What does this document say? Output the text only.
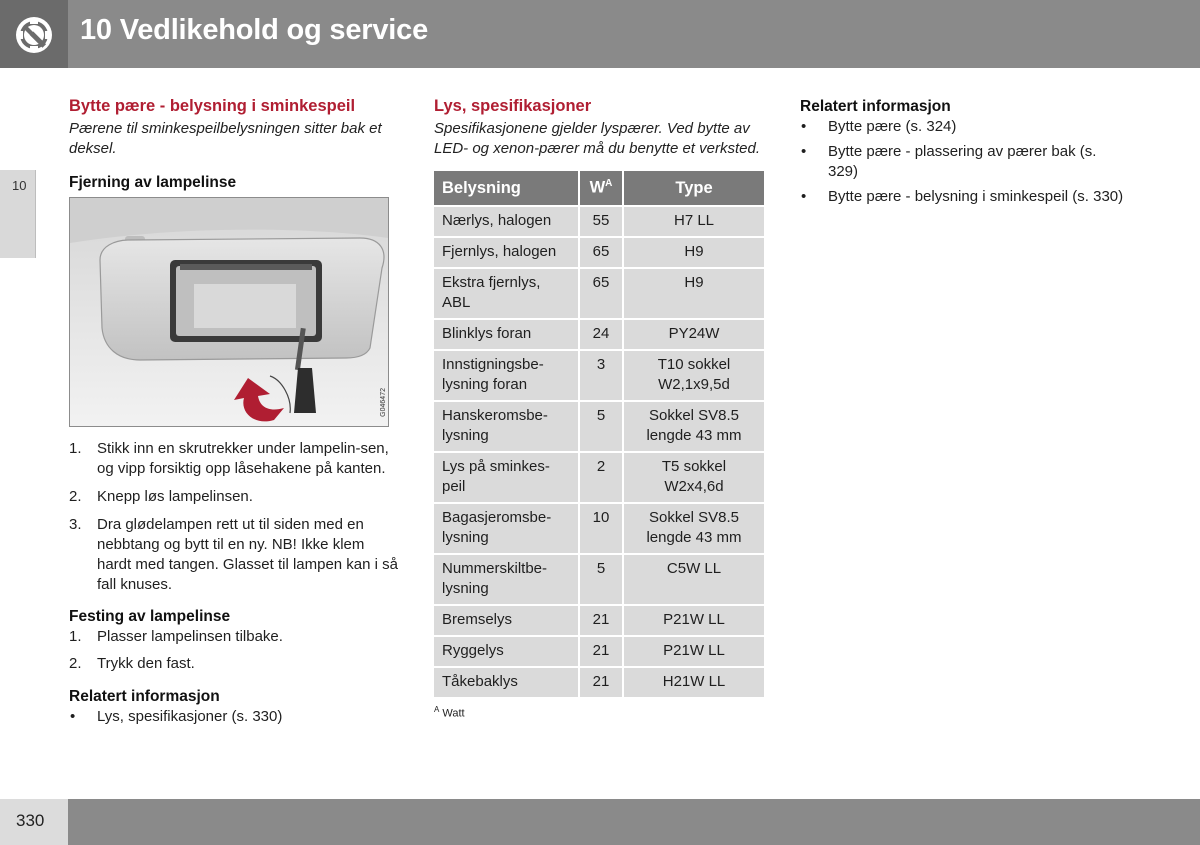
10 Vedlikehold og service
10
Bytte pære - belysning i sminkespeil

Pærene til sminkespeilbelysningen sitter bak et deksel.

Fjerning av lampelinse
G046472
1. Stikk inn en skrutrekker under lampelin-sen, og vipp forsiktig opp låsehakene på kanten.
2. Knepp løs lampelinsen.
3. Dra glødelampen rett ut til siden med en nebbtang og bytt til en ny. NB! Ikke klem hardt med tangen. Glasset til lampen kan i så fall knuses.
Festing av lampelinse
1. Plasser lampelinsen tilbake.
2. Trykk den fast.
Relatert informasjon
• Lys, spesifikasjoner (s. 330)
Lys, spesifikasjoner

Spesifikasjonene gjelder lyspærer. Ved bytte av LED- og xenon-pærer må du benytte et verksted.

Belysning	$W^A$	Type
Nærlys, halogen	55	H7 LL
Fjernlys, halogen	65	H9
Ekstra fjernlys, ABL	65	H9
Blinklys foran	24	PY24W
Innstigningsbe-lysning foran	3	T10 sokkel W2,1x9,5d
Hanskeromsbe-lysning	5	Sokkel SV8.5 lengde 43 mm
Lys på sminkes-peil	2	T5 sokkel W2x4,6d
Bagasjeromsbe-lysning	10	Sokkel SV8.5 lengde 43 mm
Nummerskiltbe-lysning	5	C5W LL
Bremselys	21	P21W LL
Ryggelys	21	P21W LL
Tåkebaklys	21	H21W LL
$^A$ Watt
Relatert informasjon
• Bytte pære (s. 324)
• Bytte pære - plassering av pærer bak (s. 329)
• Bytte pære - belysning i sminkespeil (s. 330)
330
